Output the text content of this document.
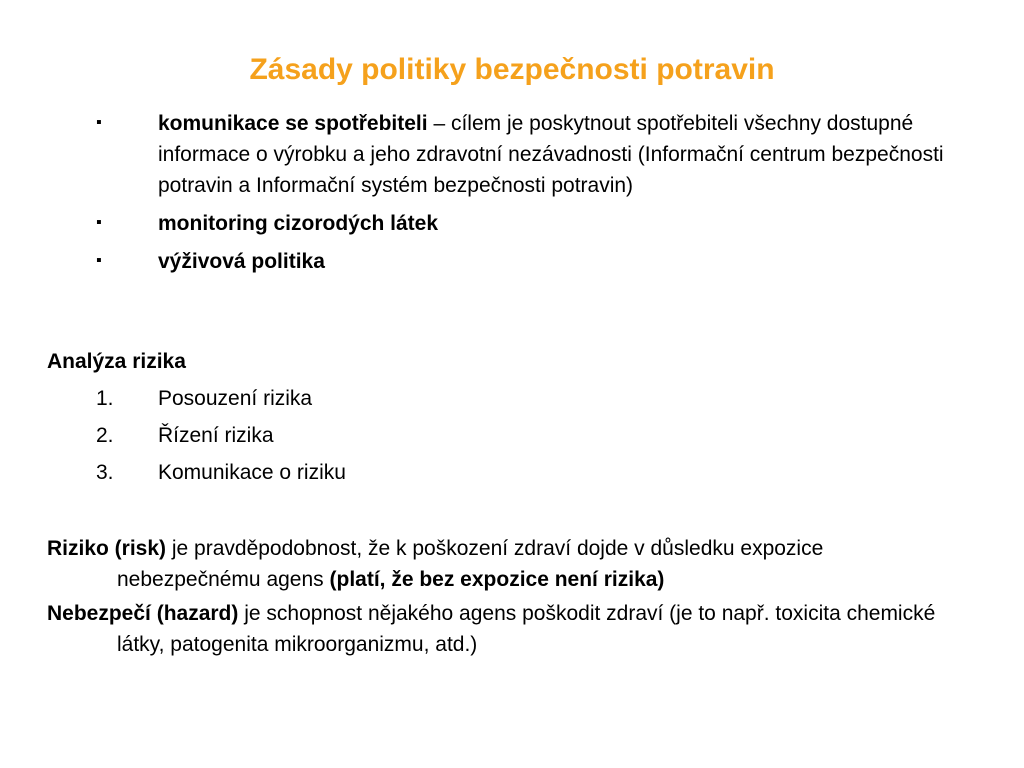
Zásady politiky bezpečnosti potravin
▪	komunikace se spotřebiteli – cílem je poskytnout spotřebiteli všechny dostupné informace o výrobku a jeho zdravotní nezávadnosti (Informační centrum bezpečnosti potravin a Informační systém bezpečnosti potravin)
▪	monitoring cizorodých látek
▪	výživová politika

Analýza rizika

1. Posouzení rizika
2. Řízení rizika
3. Komunikace o riziku

Riziko (risk) je pravděpodobnost, že k poškození zdraví dojde v důsledku expozice nebezpečnému agens (platí, že bez expozice není rizika)

Nebezpečí (hazard) je schopnost nějakého agens poškodit zdraví (je to např. toxicita chemické látky, patogenita mikroorganizmu, atd.)
